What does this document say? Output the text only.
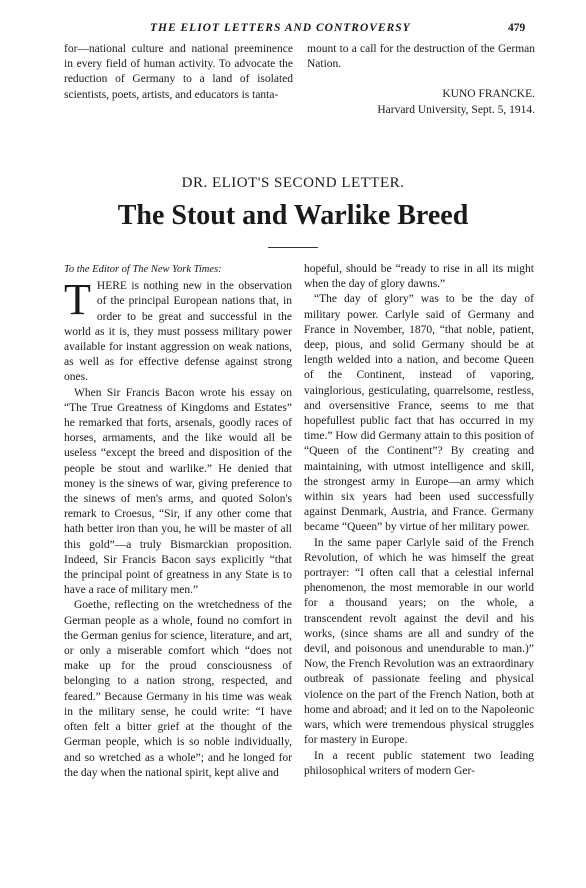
THE ELIOT LETTERS AND CONTROVERSY	479

for—national culture and national preeminence in every field of human activity. To advocate the reduction of Germany to a land of isolated scientists, poets, artists, and educators is tanta-

mount to a call for the destruction of the German Nation.

KUNO FRANCKE.

Harvard University, Sept. 5, 1914.

DR. ELIOT'S SECOND LETTER.
The Stout and Warlike Breed

To the Editor of The New York Times:

THERE is nothing new in the observation of the principal European nations that, in order to be great and successful in the world as it is, they must possess military power available for instant aggression on weak nations, as well as for effective defense against strong ones.

When Sir Francis Bacon wrote his essay on “The True Greatness of Kingdoms and Estates” he remarked that forts, arsenals, goodly races of horses, armaments, and the like would all be useless “except the breed and disposition of the people be stout and warlike.” He denied that money is the sinews of war, giving preference to the sinews of men's arms, and quoted Solon's remark to Croesus, “Sir, if any other come that hath better iron than you, he will be master of all this gold”—a truly Bismarckian proposition. Indeed, Sir Francis Bacon says explicitly “that the principal point of greatness in any State is to have a race of military men.”

Goethe, reflecting on the wretchedness of the German people as a whole, found no comfort in the German genius for science, literature, and art, or only a miserable comfort which “does not make up for the proud consciousness of belonging to a nation strong, respected, and feared.” Because Germany in his time was weak in the military sense, he could write: “I have often felt a bitter grief at the thought of the German people, which is so noble individually, and so wretched as a whole”; and he longed for the day when the national spirit, kept alive and

hopeful, should be “ready to rise in all its might when the day of glory dawns.”

“The day of glory” was to be the day of military power. Carlyle said of Germany and France in November, 1870, “that noble, patient, deep, pious, and solid Germany should be at length welded into a nation, and become Queen of the Continent, instead of vaporing, vainglorious, gesticulating, quarrelsome, restless, and oversensitive France, seems to me that hopefullest public fact that has occurred in my time.” How did Germany attain to this position of “Queen of the Continent”? By creating and maintaining, with utmost intelligence and skill, the strongest army in Europe—an army which within six years had been used successfully against Denmark, Austria, and France. Germany became “Queen” by virtue of her military power.

In the same paper Carlyle said of the French Revolution, of which he was himself the great portrayer: “I often call that a celestial infernal phenomenon, the most memorable in our world for a thousand years; on the whole, a transcendent revolt against the devil and his works, (since shams are all and sundry of the devil, and poisonous and unendurable to man.)” Now, the French Revolution was an extraordinary outbreak of passionate feeling and physical violence on the part of the French Nation, both at home and abroad; and it led on to the Napoleonic wars, which were tremendous physical struggles for mastery in Europe.

In a recent public statement two leading philosophical writers of modern Ger-
